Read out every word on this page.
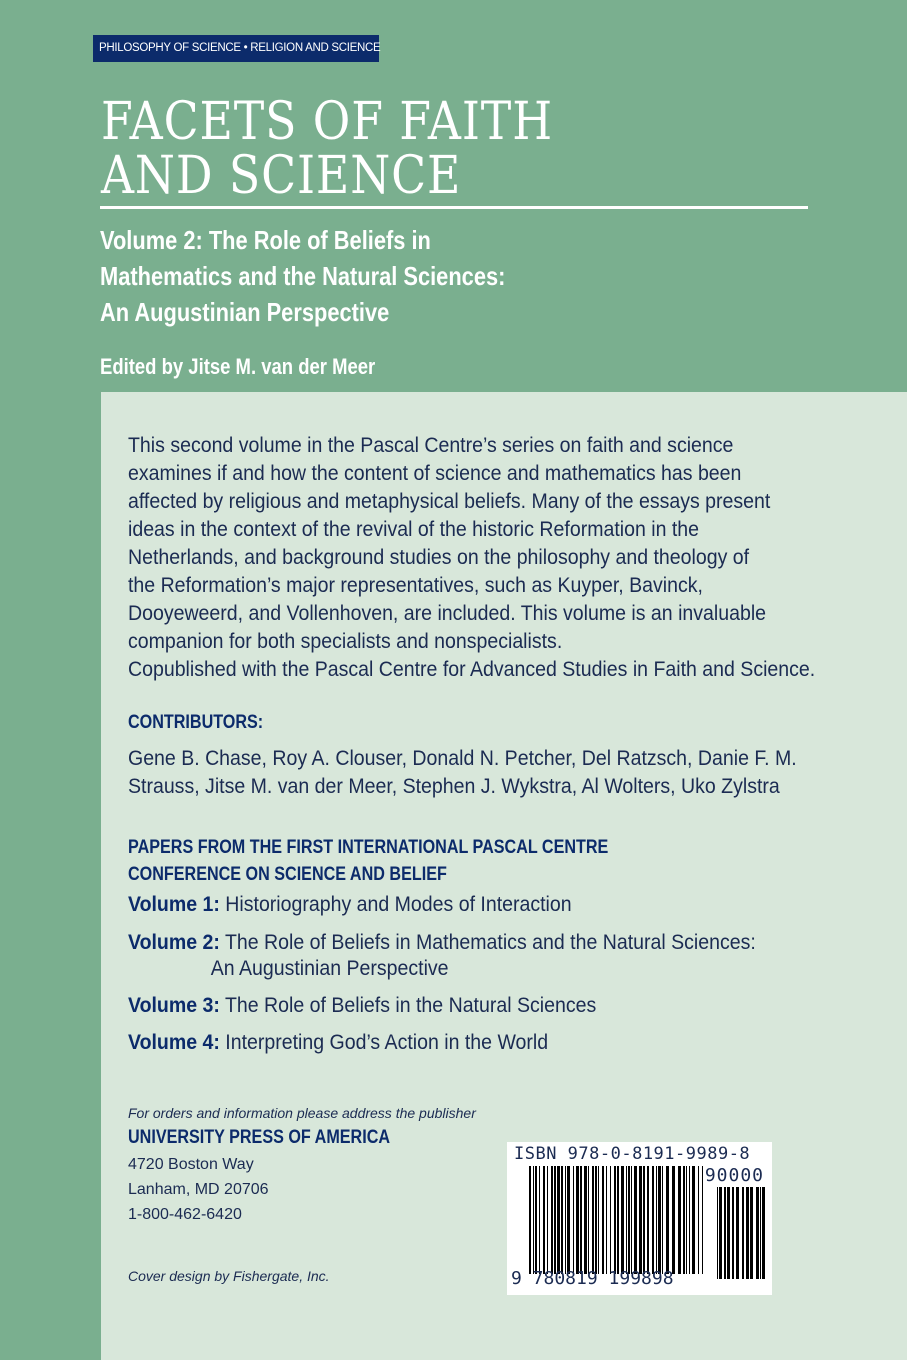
PHILOSOPHY OF SCIENCE • RELIGION AND SCIENCE
FACETS OF FAITH
AND SCIENCE
Volume 2: The Role of Beliefs in
Mathematics and the Natural Sciences:
An Augustinian Perspective
Edited by Jitse M. van der Meer
This second volume in the Pascal Centre’s series on faith and science
examines if and how the content of science and mathematics has been
affected by religious and metaphysical beliefs. Many of the essays present
ideas in the context of the revival of the historic Reformation in the
Netherlands, and background studies on the philosophy and theology of
the Reformation’s major representatives, such as Kuyper, Bavinck,
Dooyeweerd, and Vollenhoven, are included. This volume is an invaluable
companion for both specialists and nonspecialists.
Copublished with the Pascal Centre for Advanced Studies in Faith and Science.
CONTRIBUTORS:
Gene B. Chase, Roy A. Clouser, Donald N. Petcher, Del Ratzsch, Danie F. M.
Strauss, Jitse M. van der Meer, Stephen J. Wykstra, Al Wolters, Uko Zylstra
PAPERS FROM THE FIRST INTERNATIONAL PASCAL CENTRE
CONFERENCE ON SCIENCE AND BELIEF
Volume 1: Historiography and Modes of Interaction
Volume 2: The Role of Beliefs in Mathematics and the Natural Sciences:
An Augustinian Perspective
Volume 3: The Role of Beliefs in the Natural Sciences
Volume 4: Interpreting God’s Action in the World
For orders and information please address the publisher
UNIVERSITY PRESS OF AMERICA
4720 Boston Way
Lanham, MD 20706
1-800-462-6420
Cover design by Fishergate, Inc.
ISBN 978-0-8191-9989-8
90000
9 780819 199898
